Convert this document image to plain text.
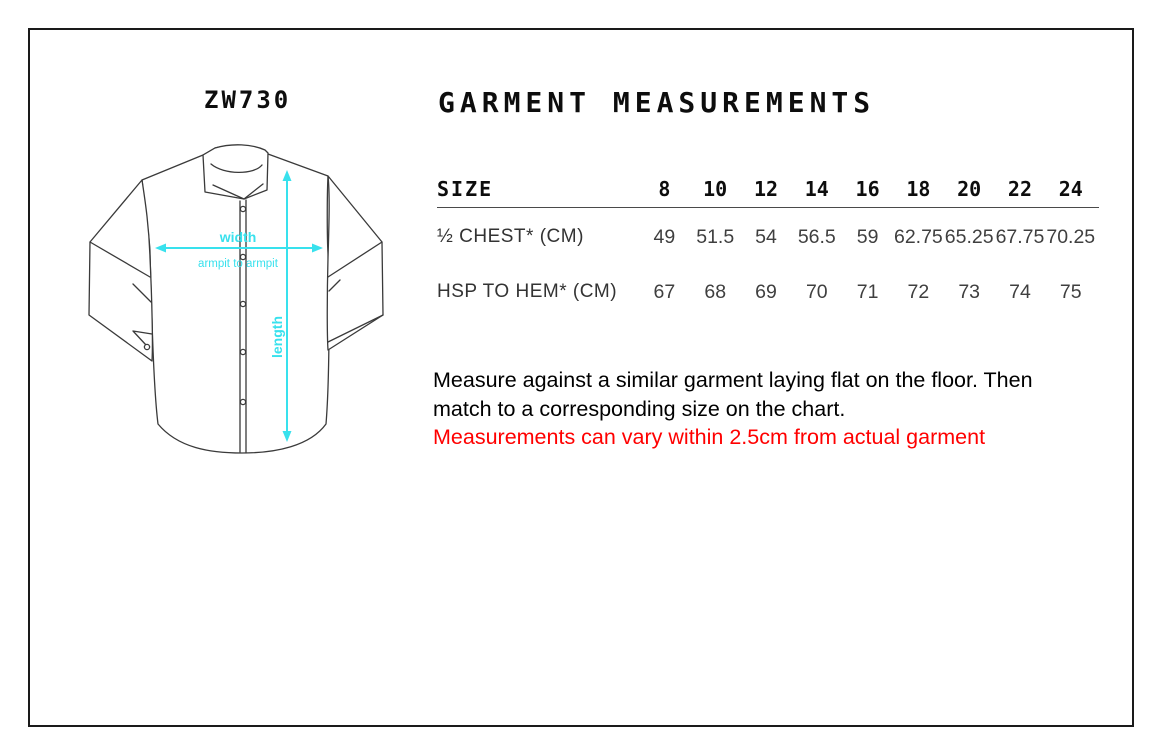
ZW730	GARMENT MEASUREMENTS
width
armpit to armpit
length
SIZE	8	10	12	14	16	18	20	22	24
½ CHEST* (CM)	49	51.5	54	56.5	59 62.75 65.25 67.75 70.25
HSP TO HEM* (CM)	67	68	69	70	71	72	73	74	75
Measure against a similar garment laying flat on the floor. Then
match to a corresponding size on the chart.
Measurements can vary within 2.5cm from actual garment
